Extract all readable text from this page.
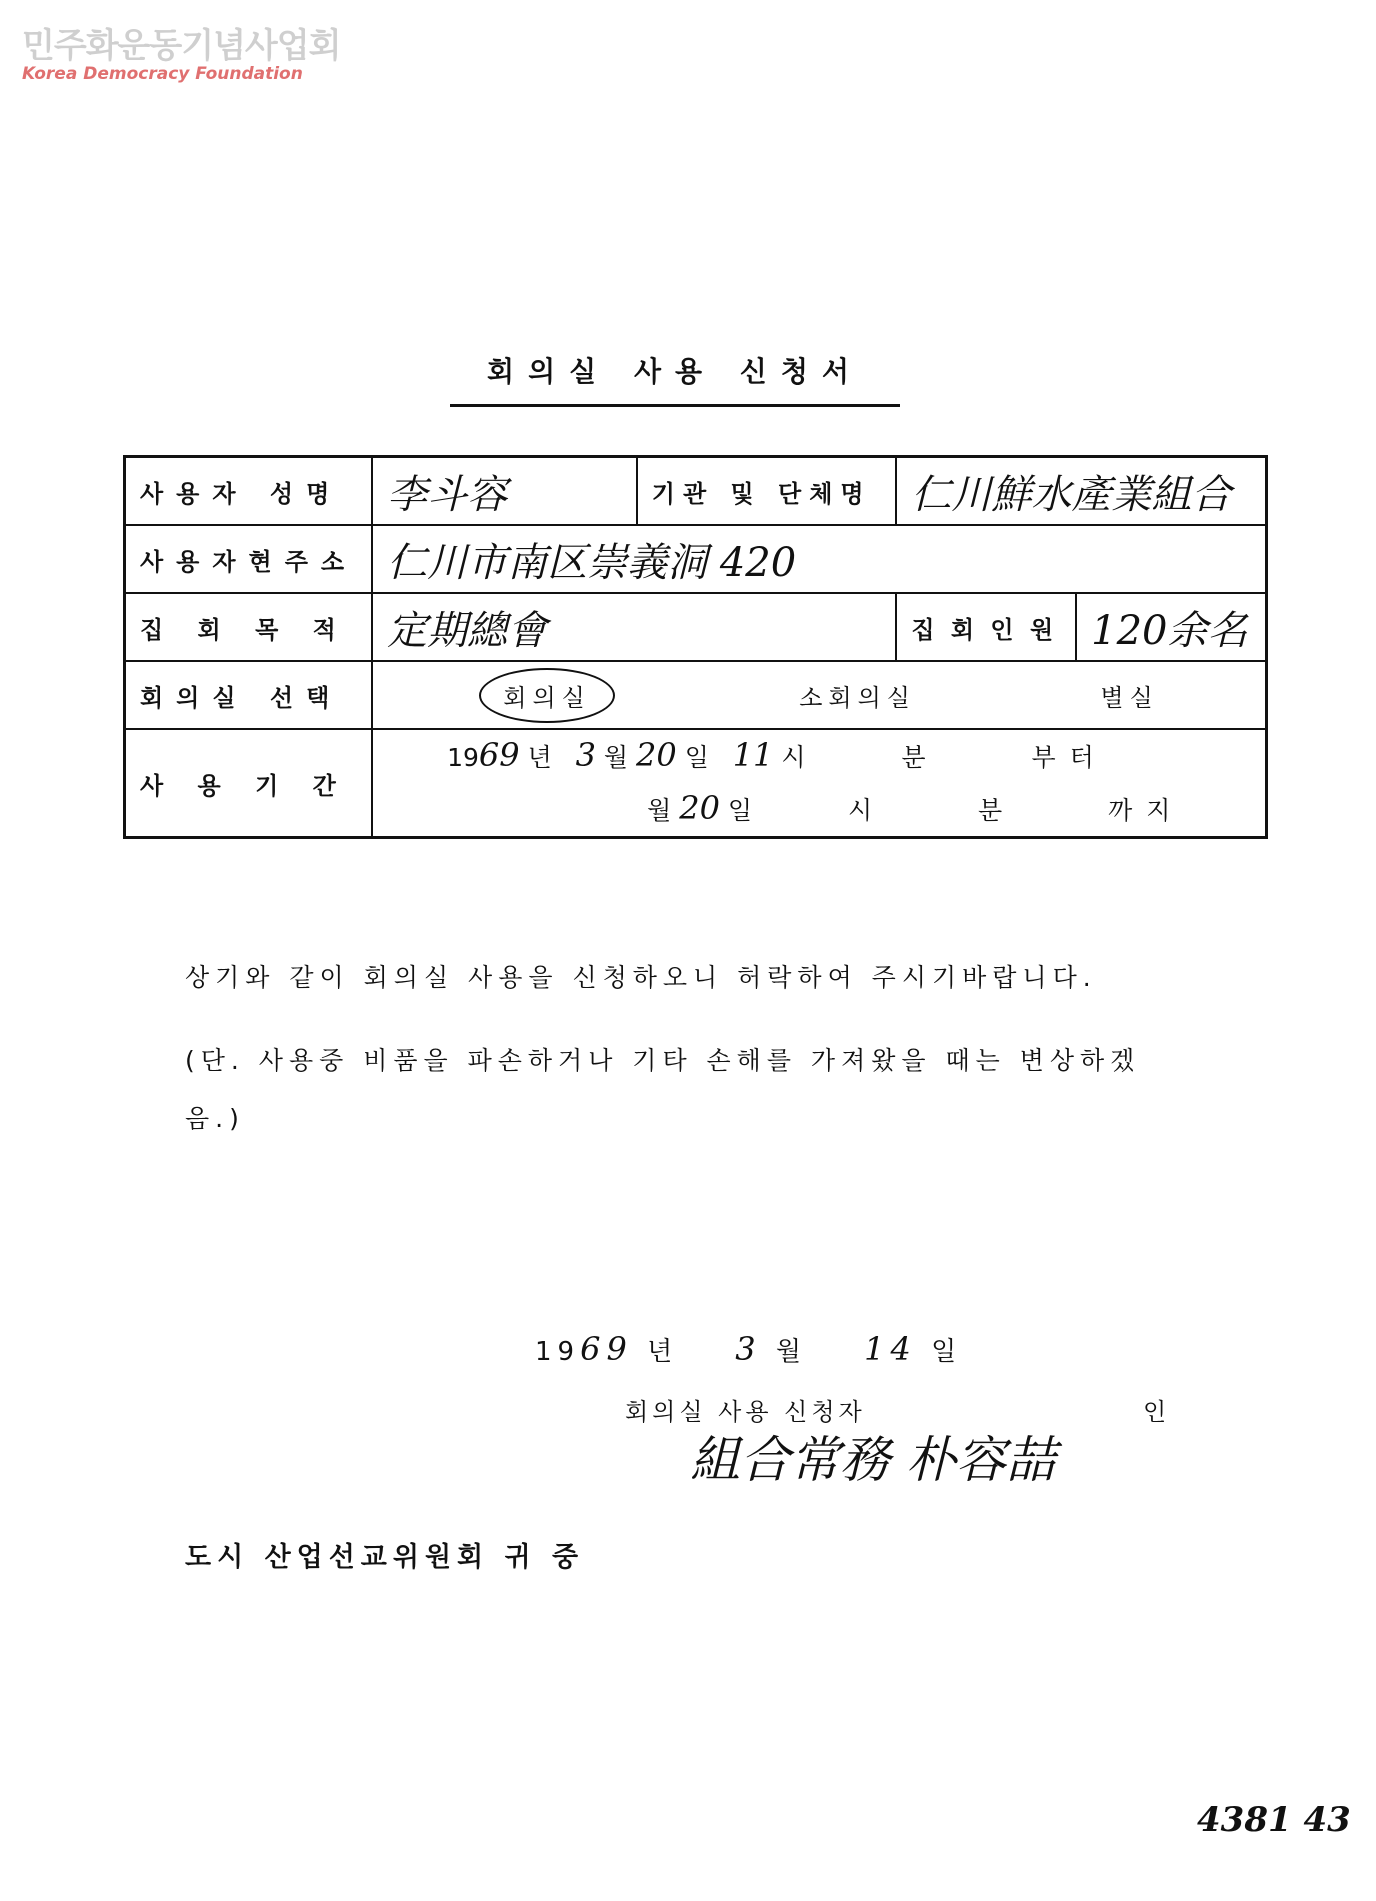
민주화운동기념사업회
Korea Democracy Foundation
회의실 사용 신청서
사용자 성명	李斗容	기관 및 단체명	仁川鮮水產業組合	
사용자현주소	仁川市南区崇義洞 420			
집 회 목 적	定期總會		집 회 인 원	120余名
회의실 선택	회의실 소회의실 별실			

사 용 기 간	1969 년 3 월 20 일 11 시 분 부터
월 20 일 시 분 까지			
상기와 같이 회의실 사용을 신청하오니 허락하여 주시기바랍니다.
(단. 사용중 비품을 파손하거나 기타 손해를 가져왔을 때는 변상하겠음.)
1969 년 3 월 14 일
회의실 사용 신청자	인
組合常務 朴容喆
도시 산업선교위원회 귀 중
4381 43
